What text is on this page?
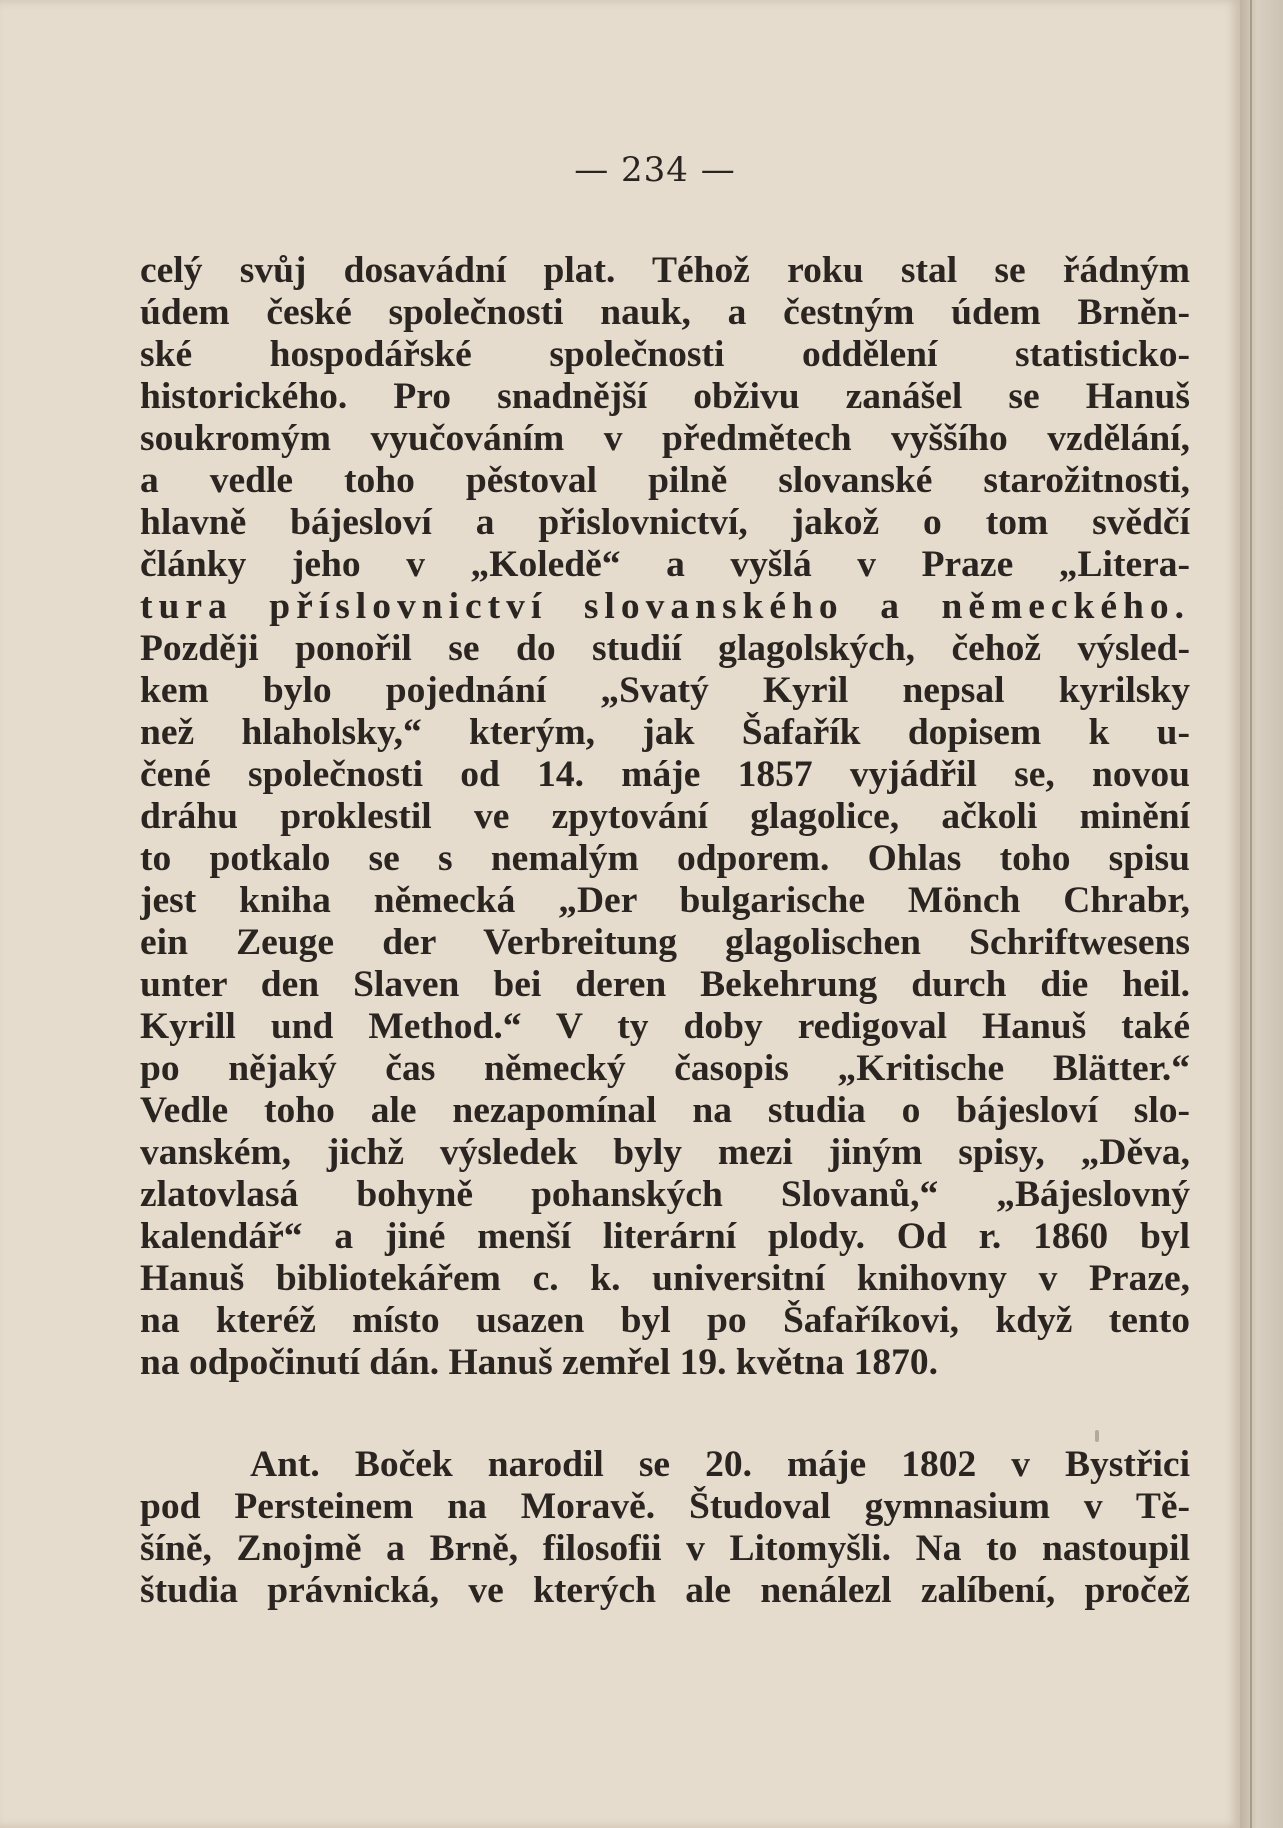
— 234 —
celý svůj dosavádní plat. Téhož roku stal se řádným
údem české společnosti nauk, a čestným údem Brněn-
ské hospodářské společnosti oddělení statisticko-
historického. Pro snadnější obživu zanášel se Hanuš
soukromým vyučováním v předmětech vyššího vzdělání,
a vedle toho pěstoval pilně slovanské starožitnosti,
hlavně bájesloví a přislovnictví, jakož o tom svědčí
články jeho v „Koledě“ a vyšlá v Praze „Litera-
tura příslovnictví slovanského a německého.
Později ponořil se do studií glagolských, čehož výsled-
kem bylo pojednání „Svatý Kyril nepsal kyrilsky
než hlaholsky,“ kterým, jak Šafařík dopisem k u-
čené společnosti od 14. máje 1857 vyjádřil se, novou
dráhu proklestil ve zpytování glagolice, ačkoli minění
to potkalo se s nemalým odporem. Ohlas toho spisu
jest kniha německá „Der bulgarische Mönch Chrabr,
ein Zeuge der Verbreitung glagolischen Schriftwesens
unter den Slaven bei deren Bekehrung durch die heil.
Kyrill und Method.“ V ty doby redigoval Hanuš také
po nějaký čas německý časopis „Kritische Blätter.“
Vedle toho ale nezapomínal na studia o bájesloví slo-
vanském, jichž výsledek byly mezi jiným spisy, „Děva,
zlatovlasá bohyně pohanských Slovanů,“ „Bájeslovný
kalendář“ a jiné menší literární plody. Od r. 1860 byl
Hanuš bibliotekářem c. k. universitní knihovny v Praze,
na kteréž místo usazen byl po Šafaříkovi, když tento
na odpočinutí dán. Hanuš zemřel 19. května 1870.
Ant. Boček narodil se 20. máje 1802 v Bystřici
pod Persteinem na Moravě. Študoval gymnasium v Tě-
šíně, Znojmě a Brně, filosofii v Litomyšli. Na to nastoupil
študia právnická, ve kterých ale nenálezl zalíbení, pročež
